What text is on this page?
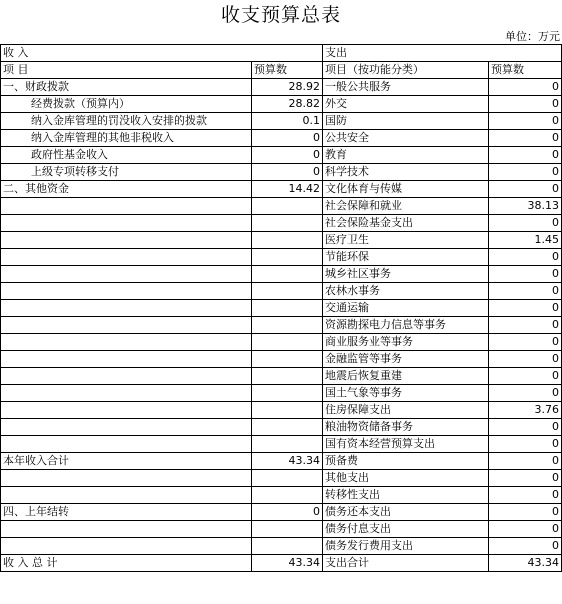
收支预算总表
单位：万元
收 入		支出	
项 目	预算数	项目（按功能分类）	预算数
一、财政拨款	28.92	一般公共服务	0
经费拨款（预算内）	28.82	外交	0
纳入金库管理的罚没收入安排的拨款	0.1	国防	0
纳入金库管理的其他非税收入	0	公共安全	0
政府性基金收入	0	教育	0
上级专项转移支付	0	科学技术	0
二、其他资金	14.42	文化体育与传媒	0
		社会保障和就业	38.13
		社会保险基金支出	0
		医疗卫生	1.45
		节能环保	0
		城乡社区事务	0
		农林水事务	0
		交通运输	0
		资源勘探电力信息等事务	0
		商业服务业等事务	0
		金融监管等事务	0
		地震后恢复重建	0
		国土气象等事务	0
		住房保障支出	3.76
		粮油物资储备事务	0
		国有资本经营预算支出	0
本年收入合计	43.34	预备费	0
		其他支出	0
		转移性支出	0
四、上年结转	0	债务还本支出	0
		债务付息支出	0
		债务发行费用支出	0
收 入 总 计	43.34	支出合计	43.34
